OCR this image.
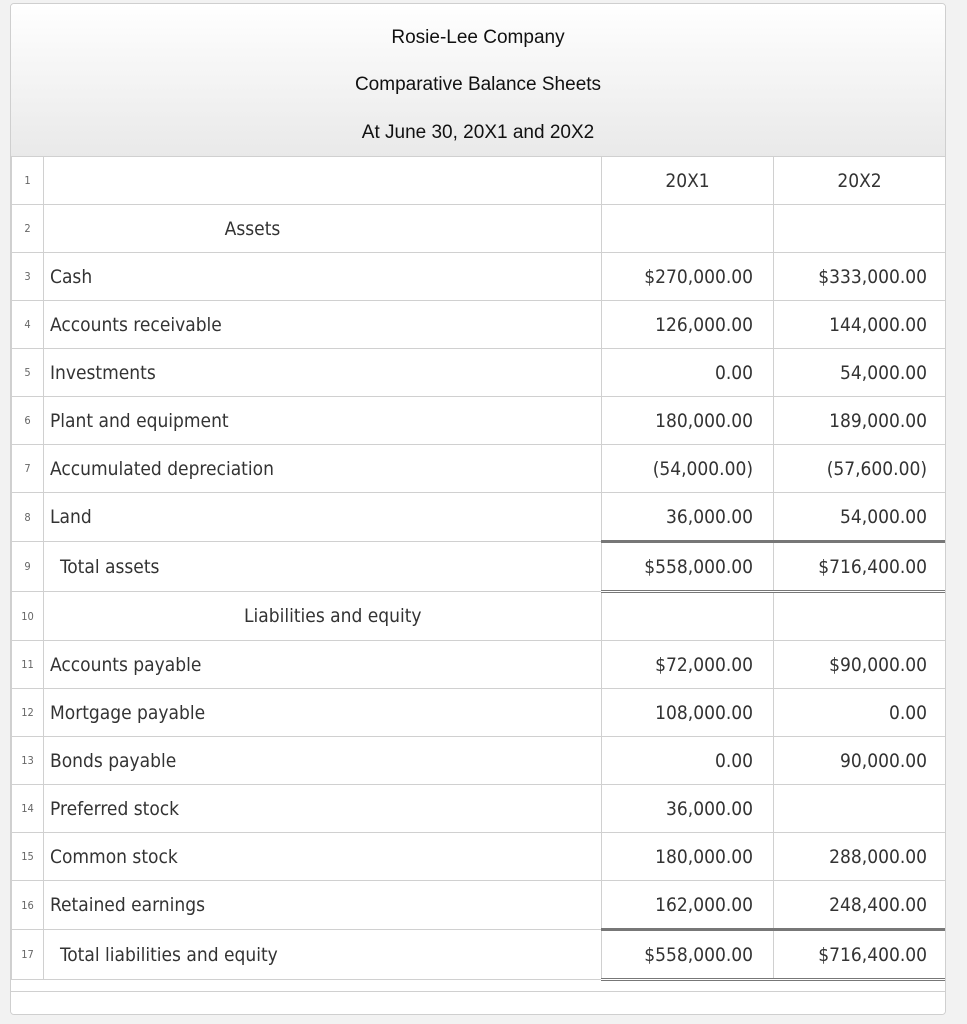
Rosie-Lee Company
Comparative Balance Sheets
At June 30, 20X1 and 20X2
1		20X1	20X2
2	Assets		
3	Cash	$270,000.00	$333,000.00
4	Accounts receivable	126,000.00	144,000.00
5	Investments	0.00	54,000.00
6	Plant and equipment	180,000.00	189,000.00
7	Accumulated depreciation	(54,000.00)	(57,600.00)
8	Land	36,000.00	54,000.00
9	Total assets	$558,000.00	$716,400.00
10	Liabilities and equity		
11	Accounts payable	$72,000.00	$90,000.00
12	Mortgage payable	108,000.00	0.00
13	Bonds payable	0.00	90,000.00
14	Preferred stock	36,000.00	
15	Common stock	180,000.00	288,000.00
16	Retained earnings	162,000.00	248,400.00
17	Total liabilities and equity	$558,000.00	$716,400.00
